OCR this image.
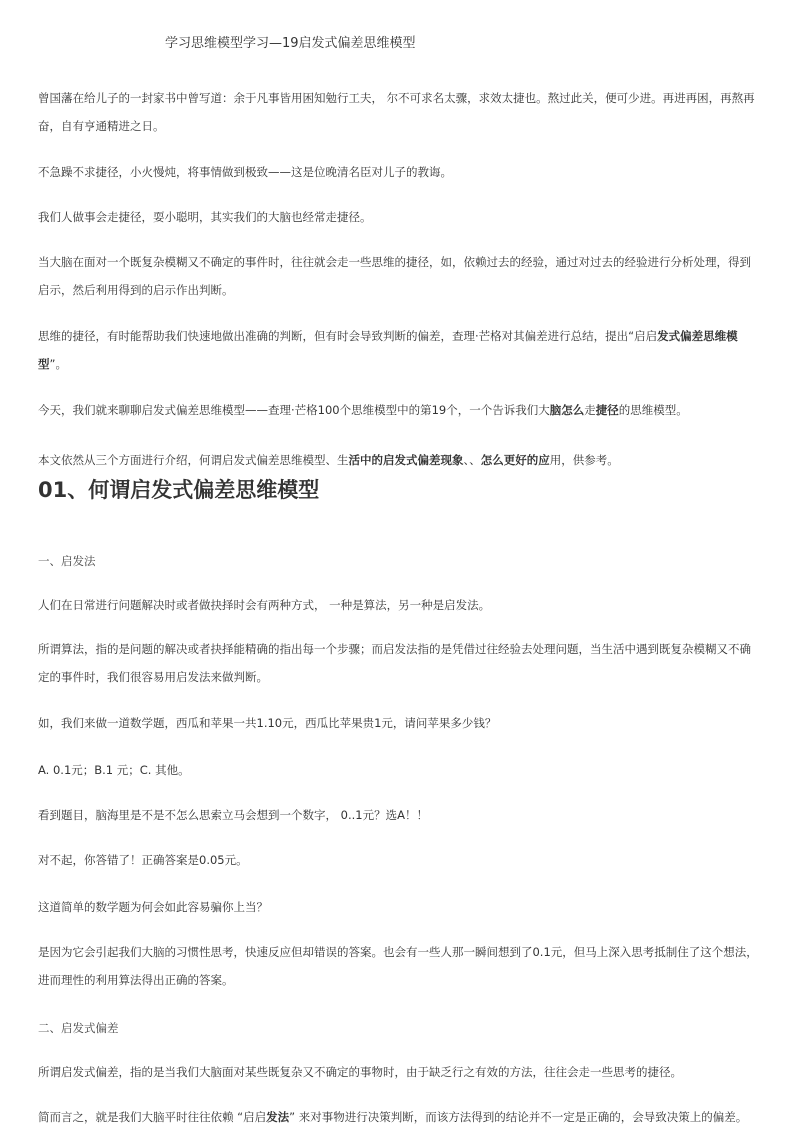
学习思维模型学习—19启发式偏差思维模型
曾国藩在给儿子的一封家书中曾写道：余于凡事皆用困知勉行工夫， 尔不可求名太骤，求效太捷也。熬过此关，便可少进。再进再困，再熬再奋，自有亨通精进之日。
不急躁不求捷径，小火慢炖，将事情做到极致——这是位晚清名臣对儿子的教诲。
我们人做事会走捷径，耍小聪明，其实我们的大脑也经常走捷径。
当大脑在面对一个既复杂模糊又不确定的事件时，往往就会走一些思维的捷径，如，依赖过去的经验，通过对过去的经验进行分析处理，得到启示，然后利用得到的启示作出判断。
思维的捷径，有时能帮助我们快速地做出准确的判断，但有时会导致判断的偏差，查理·芒格对其偏差进行总结，提出“启启发式偏差思维模型”。
今天，我们就来聊聊启发式偏差思维模型——查理·芒格100个思维模型中的第19个，一个告诉我们大脑怎么走捷径的思维模型。
本文依然从三个方面进行介绍，何谓启发式偏差思维模型、生活中的启发式偏差现象、、怎么更好的应用，供参考。
01、何谓启发式偏差思维模型
一、启发法
人们在日常进行问题解决时或者做抉择时会有两种方式， 一种是算法，另一种是启发法。
所谓算法，指的是问题的解决或者抉择能精确的指出每一个步骤；而启发法指的是凭借过往经验去处理问题，当生活中遇到既复杂模糊又不确定的事件时，我们很容易用启发法来做判断。
如，我们来做一道数学题，西瓜和苹果一共1.10元，西瓜比苹果贵1元，请问苹果多少钱？
A. 0.1元；B.1 元；C. 其他。
看到题目，脑海里是不是不怎么思索立马会想到一个数字， 0..1元？选A！！
对不起，你答错了！正确答案是0.05元。
这道简单的数学题为何会如此容易骗你上当？
是因为它会引起我们大脑的习惯性思考，快速反应但却错误的答案。也会有一些人那一瞬间想到了0.1元，但马上深入思考抵制住了这个想法，进而理性的利用算法得出正确的答案。
二、启发式偏差
所谓启发式偏差，指的是当我们大脑面对某些既复杂又不确定的事物时，由于缺乏行之有效的方法，往往会走一些思考的捷径。
简而言之，就是我们大脑平时往往依赖 “启启发法” 来对事物进行决策判断，而该方法得到的结论并不一定是正确的，会导致决策上的偏差。
